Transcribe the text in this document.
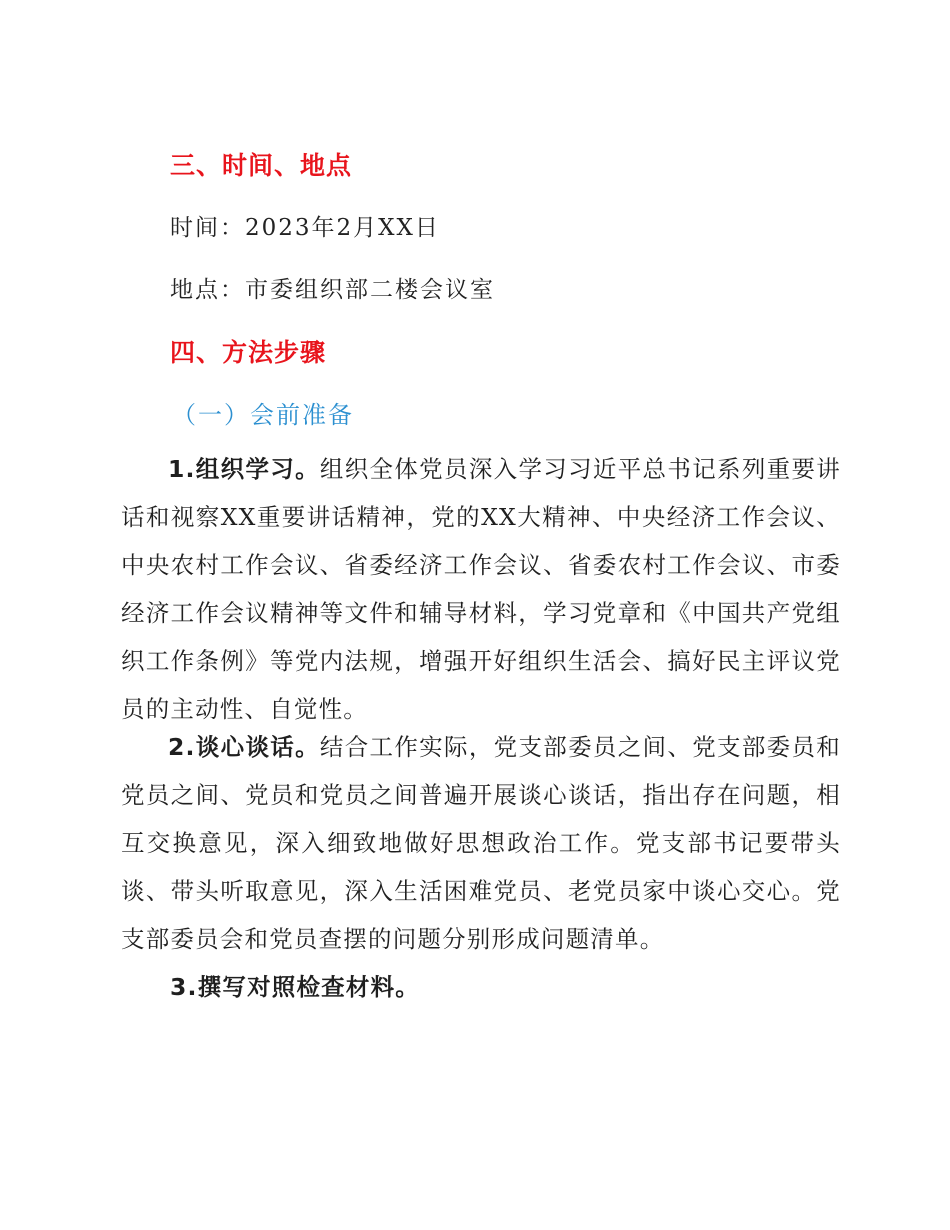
三、时间、地点
时间：2023年2月XX日
地点：市委组织部二楼会议室
四、方法步骤
（一）会前准备

1.组织学习。组织全体党员深入学习习近平总书记系列重要讲话和视察XX重要讲话精神，党的XX大精神、中央经济工作会议、中央农村工作会议、省委经济工作会议、省委农村工作会议、市委经济工作会议精神等文件和辅导材料，学习党章和《中国共产党组织工作条例》等党内法规，增强开好组织生活会、搞好民主评议党员的主动性、自觉性。

2.谈心谈话。结合工作实际，党支部委员之间、党支部委员和党员之间、党员和党员之间普遍开展谈心谈话，指出存在问题，相互交换意见，深入细致地做好思想政治工作。党支部书记要带头谈、带头听取意见，深入生活困难党员、老党员家中谈心交心。党支部委员会和党员查摆的问题分别形成问题清单。

3.撰写对照检查材料。
